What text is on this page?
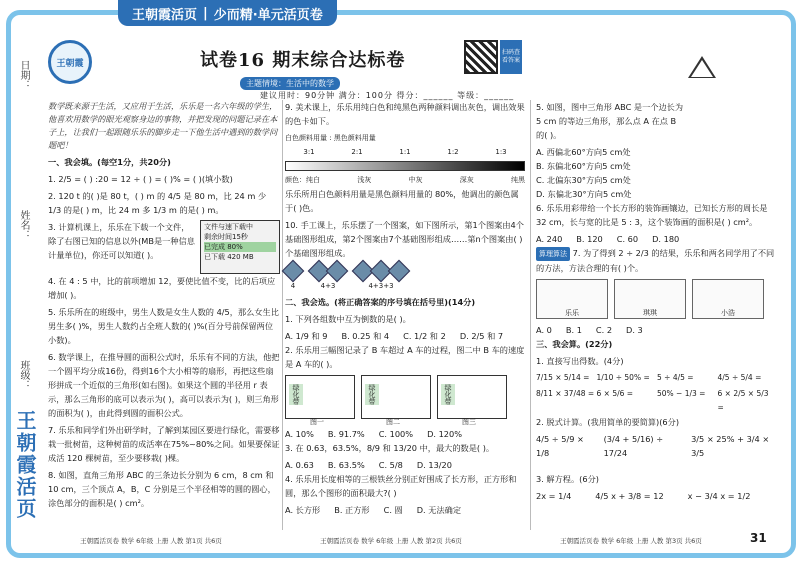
王朝霞活页 | 少而精·单元活页卷
日期：
姓名：
班级：
王朝霞活页
王朝霞	试卷16 期末综合达标卷	扫码查看答案
主题情境：生活中的数学
建议用时：90分钟 满分：100分 得分：______ 等级：______

数学既来源于生活，又应用于生活，乐乐是一名六年级的学生，他喜欢用数学的眼光观察身边的事物，并把发现的问题记录在本子上，让我们一起跟随乐乐的脚步走一下他生活中遇到的数学问题吧！

一、我会填。(每空1分，共20分)

1. 2/5 = ( ) :20 = 12 ÷ ( ) = ( )% = ( )(填小数)

2. 120 t 的( )是 80 t，( ) m 的 4/5 是 80 m，比 24 m 少 1/3 的是( ) m，比 24 m 多 1/3 m 的是( ) m。

3. 计算机课上，乐乐在下载一个文件，除了右图已知的信息以外(MB是一种信息计量单位)，你还可以知道( )。

文件与速下载中
剩余时间15秒
已完成 80%
已下载 420 MB

4. 在 4 : 5 中，比的前项增加 12，要使比值不变，比的后项应增加( )。

5. 乐乐所在的班级中，男生人数是女生人数的 4/5，那么女生比男生多( )%，男生人数约占全班人数的( )%(百分号前保留两位小数)。

6. 数学课上，在推导圆的面积公式时，乐乐有不同的方法，他把一个圆平均分成16份，得到16个大小相等的扇形，再把这些扇形拼成一个近似的三角形(如右图)。如果这个圆的半径用 r 表示，那么三角形的底可以表示为( )，高可以表示为( )，则三角形的面积为( )，由此得到圆的面积公式。

7. 乐乐和同学们外出研学时，了解到某园区要进行绿化，需要移栽一批树苗，这种树苗的成活率在75%~80%之间。如果要保证成活 120 棵树苗，至少要移栽( )棵。

8. 如图，直角三角形 ABC 的三条边长分别为 6 cm，8 cm 和 10 cm，三个顶点 A，B，C 分别是三个半径相等的圆的圆心，涂色部分的面积是( ) cm²。

9. 美术课上，乐乐用纯白色和纯黑色两种颜料调出灰色，调出效果的色卡如下。

白色颜料用量 : 黑色颜料用量
3:1	2:1	1:1	1:2	1:3
颜色：纯白	浅灰	中灰	深灰	纯黑

乐乐所用白色颜料用量是黑色颜料用量的 80%，他调出的颜色属于( )色。

10. 手工课上，乐乐摆了一个图案，如下图所示，第1个图案由4个基础图形组成，第2个图案由7个基础图形组成……第n个图案由( )个基础图形组成。

4	4+3	4+3+3

二、我会选。(将正确答案的序号填在括号里)(14分)

1. 下列各组数中互为倒数的是( )。

A. 1/9 和 9 B. 0.25 和 4 C. 1/2 和 2 D. 2/5 和 7

2. 乐乐用三幅图记录了 B 车超过 A 车的过程，图二中 B 车的速度是 A 车的( )。

绿化带
图一
绿化带
图二
绿化带
图三
A. 10% B. 91.7% C. 100% D. 120%

3. 在 0.63，63.5%，8/9 和 13/20 中，最大的数是( )。

A. 0.63 B. 63.5% C. 5/8 D. 13/20

4. 乐乐用长度相等的三根铁丝分别正好围成了长方形，正方形和圆，那么个图形的面积最大?( )

A. 长方形 B. 正方形 C. 圆 D. 无法确定

5. 如图，图中三角形 ABC 是一个边长为 5 cm 的等边三角形，那么点 A 在点 B 的( )。

A. 西偏北60°方向5 cm处
B. 东偏北60°方向5 cm处
C. 北偏东30°方向5 cm处
D. 东偏北30°方向5 cm处

6. 乐乐用彩带给一个长方形的装饰画镶边，已知长方形的周长是32 cm，长与宽的比是 5 : 3，这个装饰画的面积是( ) cm²。

A. 240 B. 120 C. 60 D. 180

算理算法 7. 为了得到 2 ÷ 2/3 的结果，乐乐和两名同学用了不同的方法，方法合理的有( )个。

乐乐	琪琪	小浩
A. 0 B. 1 C. 2 D. 3

三、我会算。(22分)

1. 直接写出得数。(4分)

7/15 × 5/14 = 1/10 ÷ 50% = 5 ÷ 4/5 =	4/5 ÷ 5/4 =
8/11 × 37/48 = 6 × 5/6 =	50% − 1/3 =	6 × 2/5 × 5/3 =

2. 脱式计算。(我用简单的要简算)(6分)

4/5 ÷ 5/9 × 1/8
(3/4 + 5/16) ÷ 17/24
3/5 × 25% + 3/4 × 3/5

3. 解方程。(6分)

2x = 1/4	4/5 x + 3/8 = 12	x − 3/4 x = 1/2
王朝霞活页卷 数学 6年级 上册 人教 第1页 共6页	王朝霞活页卷 数学 6年级 上册 人教 第2页 共6页	王朝霞活页卷 数学 6年级 上册 人教 第3页 共6页	31
